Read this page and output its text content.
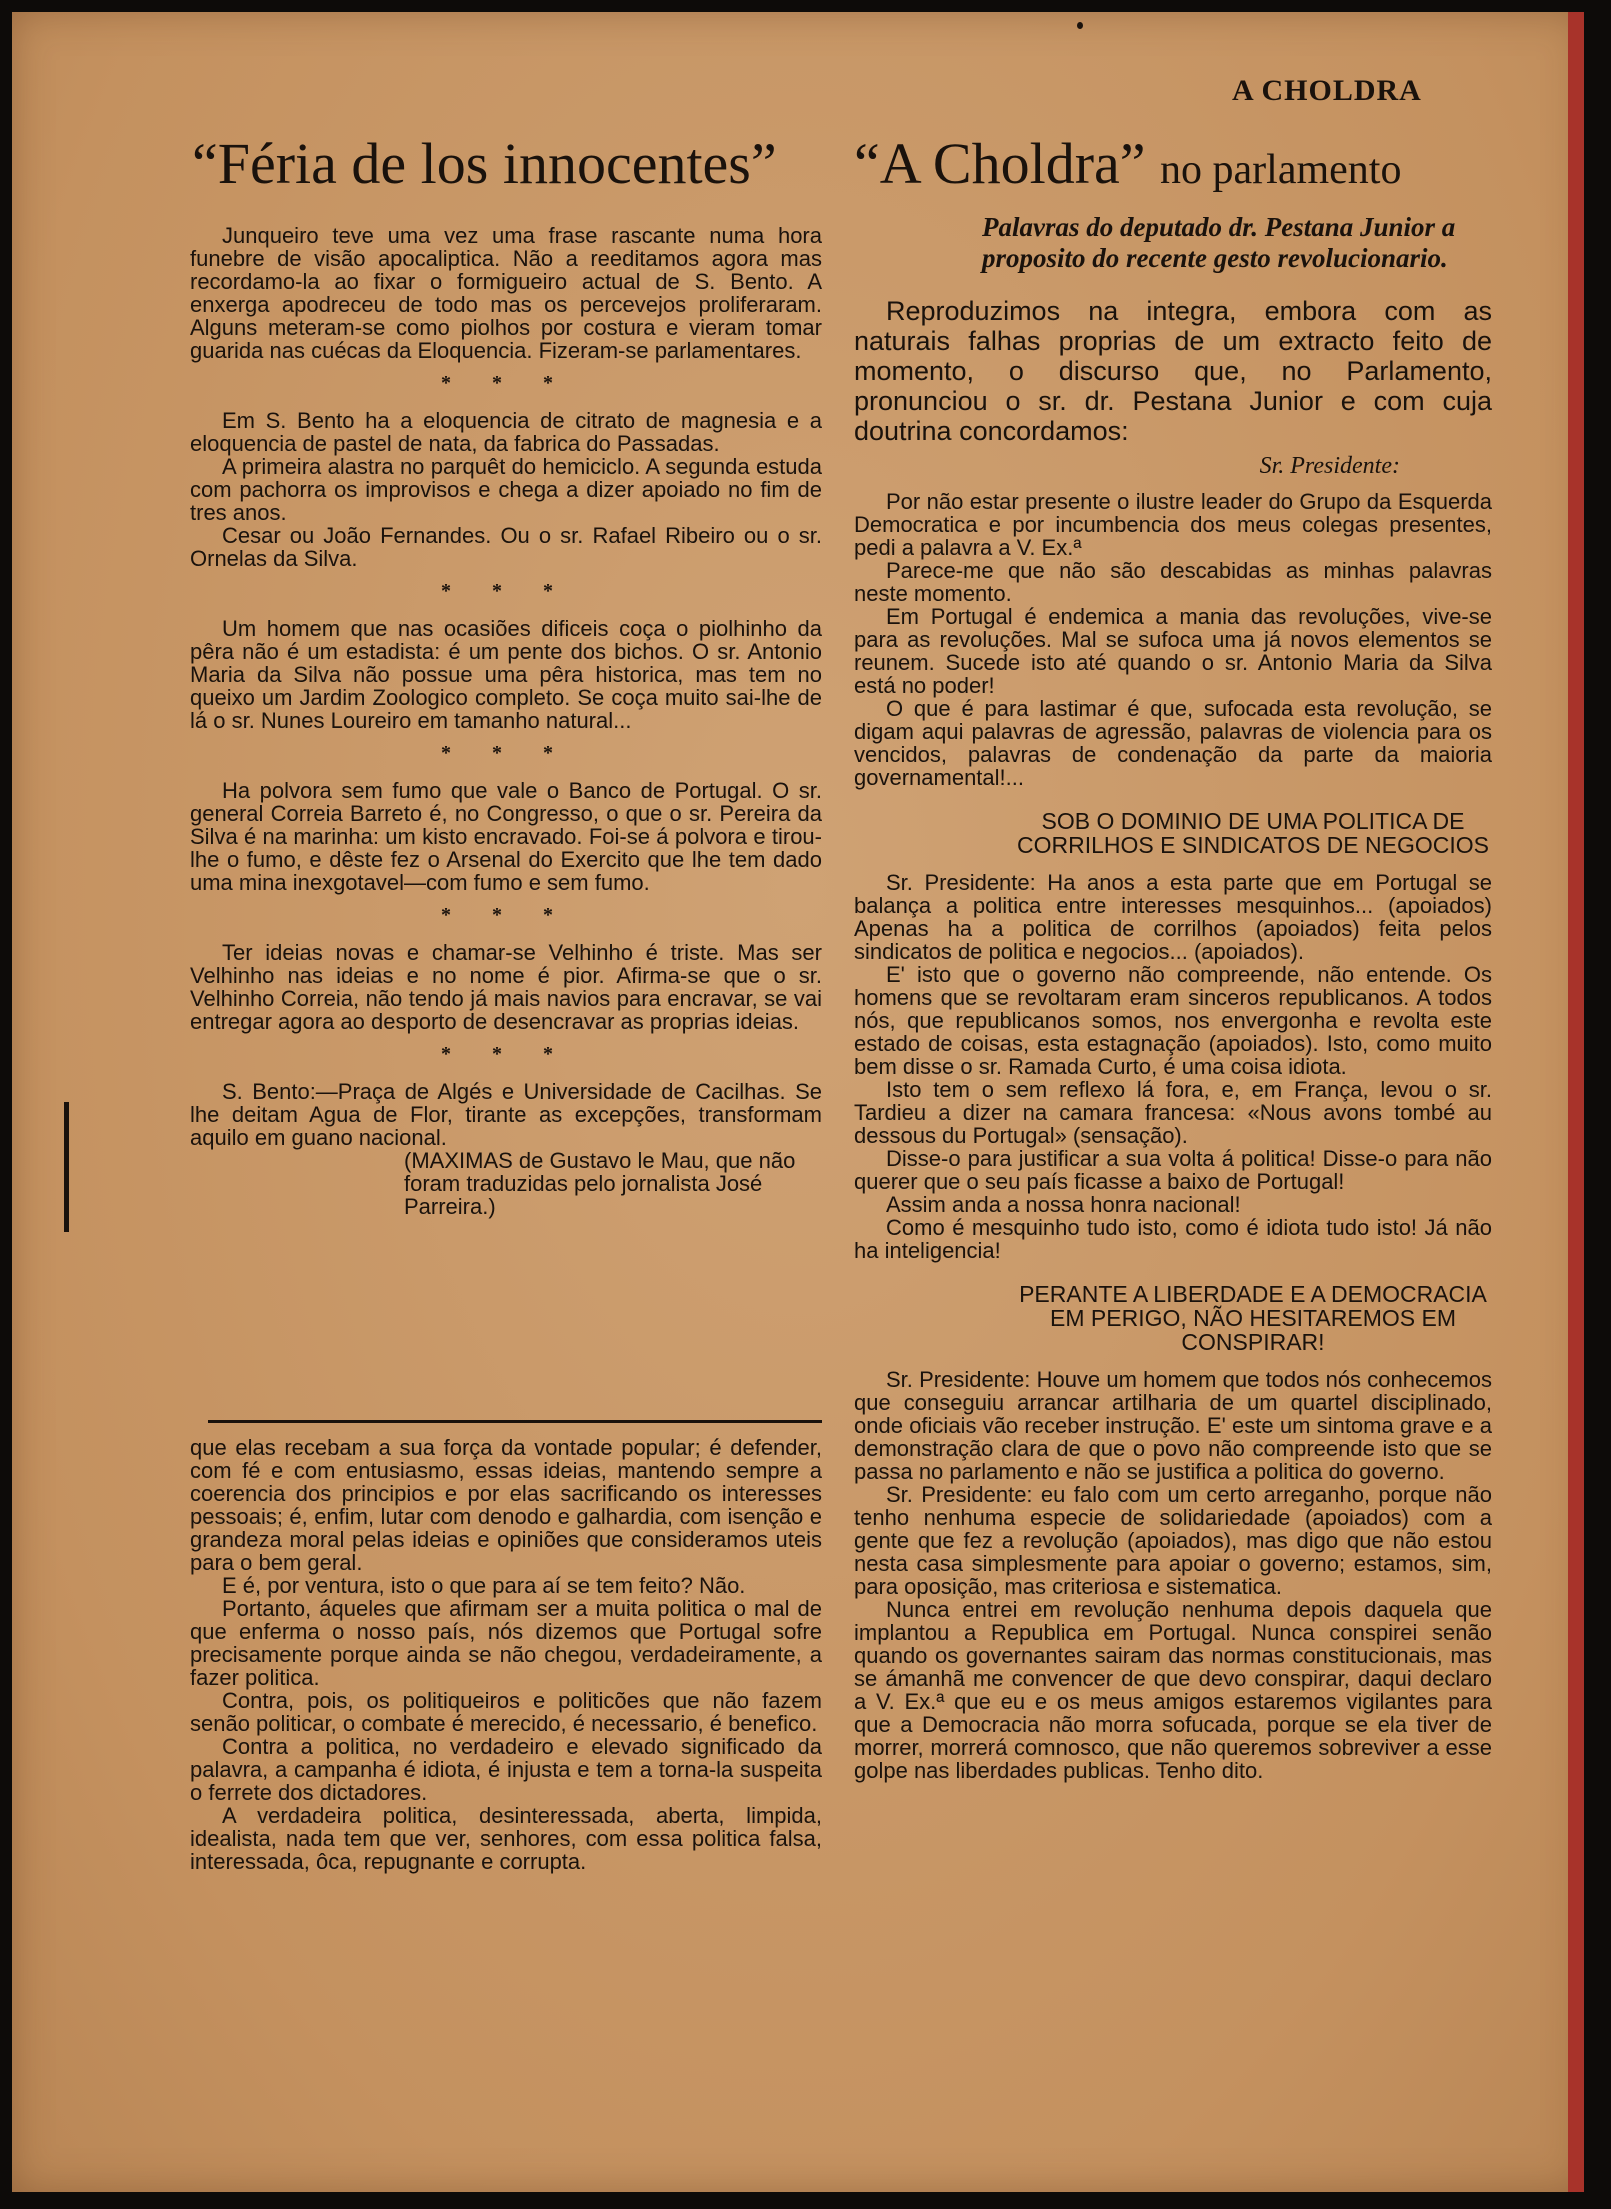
A CHOLDRA
“Féria de los innocentes”

Junqueiro teve uma vez uma frase rascante numa hora funebre de visão apocaliptica. Não a reeditamos agora mas recordamo-la ao fixar o formigueiro actual de S. Bento. A enxerga apodreceu de todo mas os percevejos proliferaram. Alguns meteram-se como piolhos por costura e vieram tomar guarida nas cuécas da Eloquencia. Fizeram-se parlamentares.

* * *

Em S. Bento ha a eloquencia de citrato de magnesia e a eloquencia de pastel de nata, da fabrica do Passadas.

A primeira alastra no parquêt do hemiciclo. A segunda estuda com pachorra os improvisos e chega a dizer apoiado no fim de tres anos.

Cesar ou João Fernandes. Ou o sr. Rafael Ribeiro ou o sr. Ornelas da Silva.

* * *

Um homem que nas ocasiões dificeis coça o piolhinho da pêra não é um estadista: é um pente dos bichos. O sr. Antonio Maria da Silva não possue uma pêra historica, mas tem no queixo um Jardim Zoologico completo. Se coça muito sai-lhe de lá o sr. Nunes Loureiro em tamanho natural...

* * *

Ha polvora sem fumo que vale o Banco de Portugal. O sr. general Correia Barreto é, no Congresso, o que o sr. Pereira da Silva é na marinha: um kisto encravado. Foi-se á polvora e tirou-lhe o fumo, e dêste fez o Arsenal do Exercito que lhe tem dado uma mina inexgotavel—com fumo e sem fumo.

* * *

Ter ideias novas e chamar-se Velhinho é triste. Mas ser Velhinho nas ideias e no nome é pior. Afirma-se que o sr. Velhinho Correia, não tendo já mais navios para encravar, se vai entregar agora ao desporto de desencravar as proprias ideias.

* * *

S. Bento:—Praça de Algés e Universidade de Cacilhas. Se lhe deitam Agua de Flor, tirante as excepções, transformam aquilo em guano nacional.

(MAXIMAS de Gustavo le Mau, que não foram traduzidas pelo jornalista José Parreira.)

que elas recebam a sua força da vontade popular; é defender, com fé e com entusiasmo, essas ideias, mantendo sempre a coerencia dos principios e por elas sacrificando os interesses pessoais; é, enfim, lutar com denodo e galhardia, com isenção e grandeza moral pelas ideias e opiniões que consideramos uteis para o bem geral.

E é, por ventura, isto o que para aí se tem feito? Não.

Portanto, áqueles que afirmam ser a muita politica o mal de que enferma o nosso país, nós dizemos que Portugal sofre precisamente porque ainda se não chegou, verdadeiramente, a fazer politica.

Contra, pois, os politiqueiros e politicões que não fazem senão politicar, o combate é merecido, é necessario, é benefico.

Contra a politica, no verdadeiro e elevado significado da palavra, a campanha é idiota, é injusta e tem a torna-la suspeita o ferrete dos dictadores.

A verdadeira politica, desinteressada, aberta, limpida, idealista, nada tem que ver, senhores, com essa politica falsa, interessada, ôca, repugnante e corrupta.

“A Choldra” no parlamento
Palavras do deputado dr. Pestana Junior a proposito do recente gesto revolucionario.

Reproduzimos na integra, embora com as naturais falhas proprias de um extracto feito de momento, o discurso que, no Parlamento, pronunciou o sr. dr. Pestana Junior e com cuja doutrina concordamos:

Sr. Presidente:

Por não estar presente o ilustre leader do Grupo da Esquerda Democratica e por incumbencia dos meus colegas presentes, pedi a palavra a V. Ex.ª

Parece-me que não são descabidas as minhas palavras neste momento.

Em Portugal é endemica a mania das revoluções, vive-se para as revoluções. Mal se sufoca uma já novos elementos se reunem. Sucede isto até quando o sr. Antonio Maria da Silva está no poder!

O que é para lastimar é que, sufocada esta revolução, se digam aqui palavras de agressão, palavras de violencia para os vencidos, palavras de condenação da parte da maioria governamental!...

SOB O DOMINIO DE UMA POLITICA DE CORRILHOS E SINDICATOS DE NEGOCIOS

Sr. Presidente: Ha anos a esta parte que em Portugal se balança a politica entre interesses mesquinhos... (apoiados) Apenas ha a politica de corrilhos (apoiados) feita pelos sindicatos de politica e negocios... (apoiados).

E' isto que o governo não compreende, não entende. Os homens que se revoltaram eram sinceros republicanos. A todos nós, que republicanos somos, nos envergonha e revolta este estado de coisas, esta estagnação (apoiados). Isto, como muito bem disse o sr. Ramada Curto, é uma coisa idiota.

Isto tem o sem reflexo lá fora, e, em França, levou o sr. Tardieu a dizer na camara francesa: «Nous avons tombé au dessous du Portugal» (sensação).

Disse-o para justificar a sua volta á politica! Disse-o para não querer que o seu país ficasse a baixo de Portugal!

Assim anda a nossa honra nacional!

Como é mesquinho tudo isto, como é idiota tudo isto! Já não ha inteligencia!

PERANTE A LIBERDADE E A DEMOCRACIA EM PERIGO, NÃO HESITAREMOS EM CONSPIRAR!

Sr. Presidente: Houve um homem que todos nós conhecemos que conseguiu arrancar artilharia de um quartel disciplinado, onde oficiais vão receber instrução. E' este um sintoma grave e a demonstração clara de que o povo não compreende isto que se passa no parlamento e não se justifica a politica do governo.

Sr. Presidente: eu falo com um certo arreganho, porque não tenho nenhuma especie de solidariedade (apoiados) com a gente que fez a revolução (apoiados), mas digo que não estou nesta casa simplesmente para apoiar o governo; estamos, sim, para oposição, mas criteriosa e sistematica.

Nunca entrei em revolução nenhuma depois daquela que implantou a Republica em Portugal. Nunca conspirei senão quando os governantes sairam das normas constitucionais, mas se ámanhã me convencer de que devo conspirar, daqui declaro a V. Ex.ª que eu e os meus amigos estaremos vigilantes para que a Democracia não morra sofucada, porque se ela tiver de morrer, morrerá comnosco, que não queremos sobreviver a esse golpe nas liberdades publicas. Tenho dito.
